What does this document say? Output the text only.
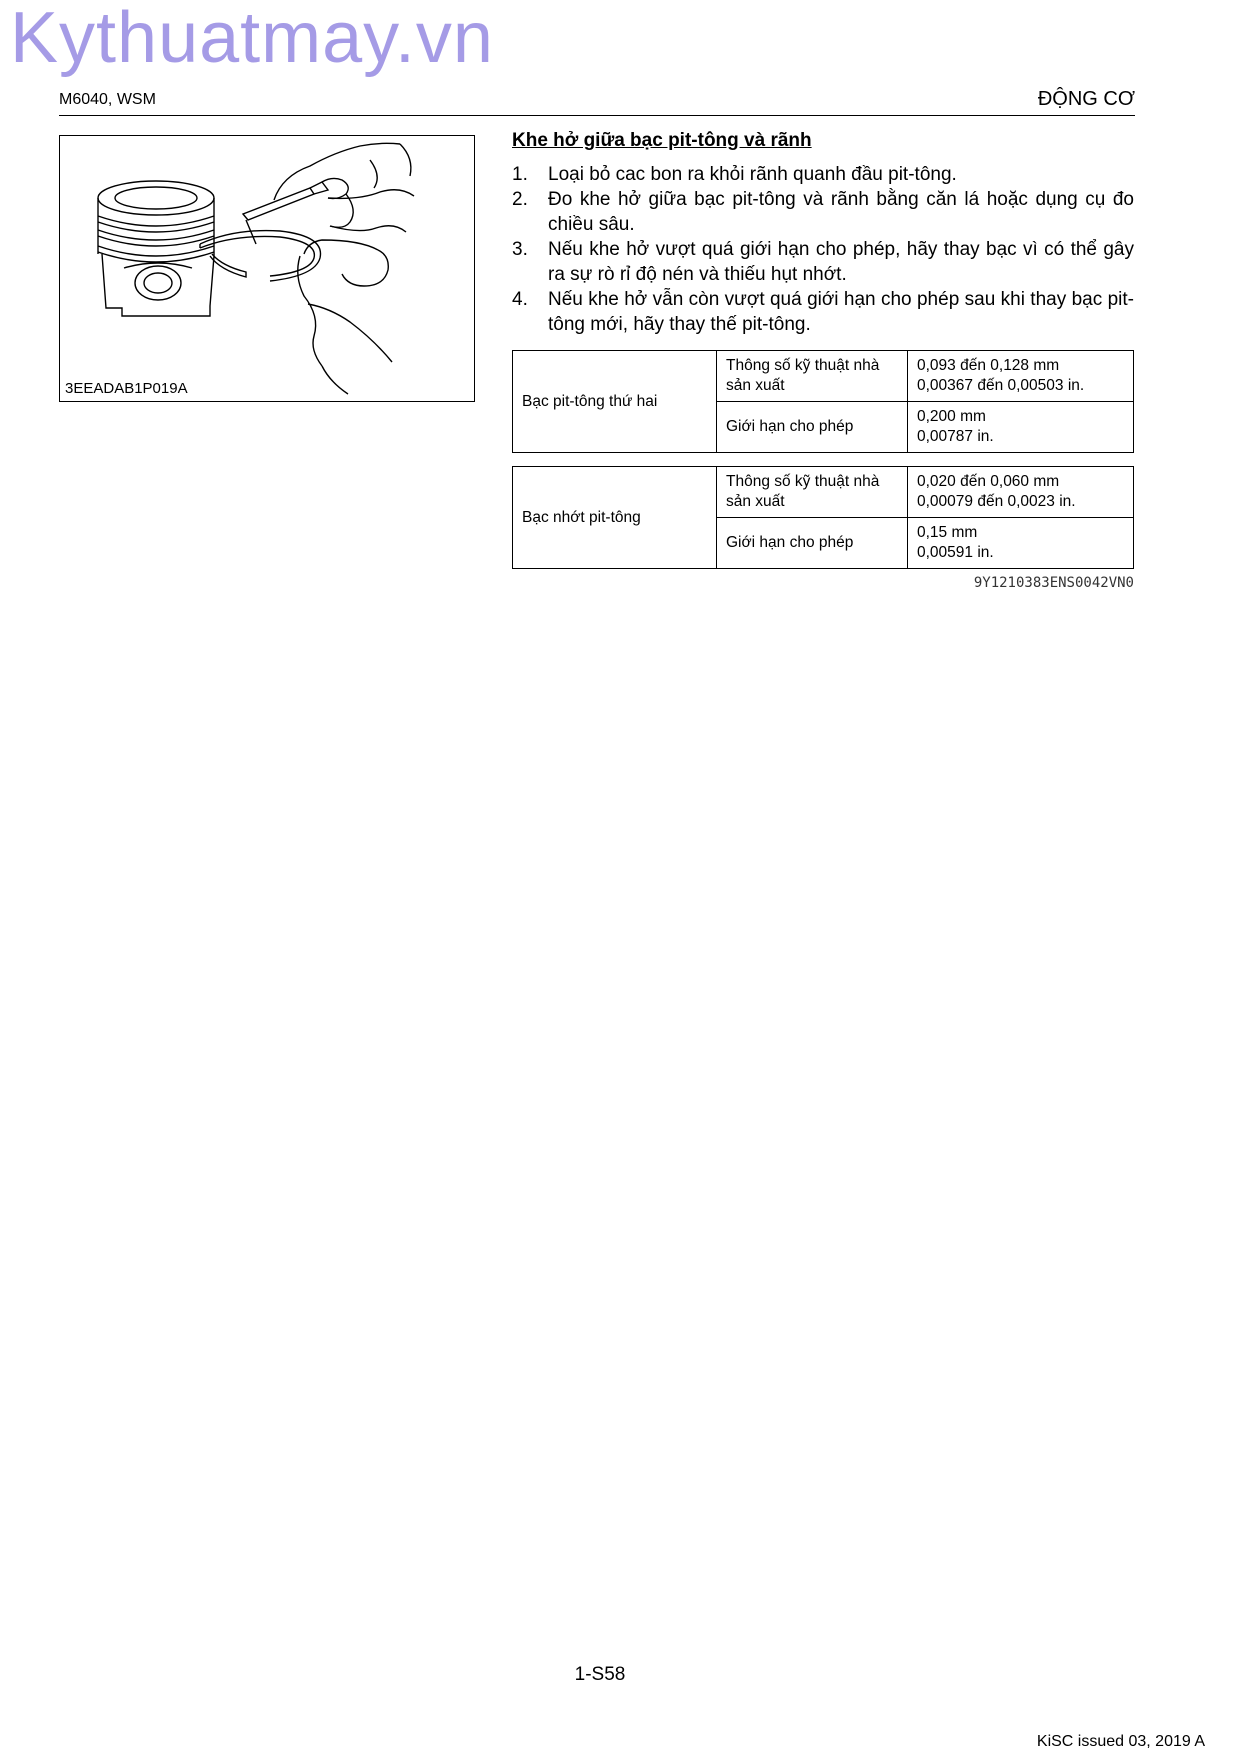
Kythuatmay.vn
M6040, WSM	ĐỘNG CƠ
3EEADAB1P019A
Khe hở giữa bạc pit-tông và rãnh
1. Loại bỏ cac bon ra khỏi rãnh quanh đầu pit-tông.
2. Đo khe hở giữa bạc pit-tông và rãnh bằng căn lá hoặc dụng cụ đo chiều sâu.
3. Nếu khe hở vượt quá giới hạn cho phép, hãy thay bạc vì có thể gây ra sự rò rỉ độ nén và thiếu hụt nhớt.
4. Nếu khe hở vẫn còn vượt quá giới hạn cho phép sau khi thay bạc pit-tông mới, hãy thay thế pit-tông.
Bạc pit-tông thứ hai	Thông số kỹ thuật nhà sản xuất	0,093 đến 0,128 mm
0,00367 đến 0,00503 in.

	Giới hạn cho phép	0,200 mm
0,00787 in.
Bạc nhớt pit-tông	Thông số kỹ thuật nhà sản xuất	0,020 đến 0,060 mm
0,00079 đến 0,0023 in.

	Giới hạn cho phép	0,15 mm
0,00591 in.
9Y1210383ENS0042VN0
1-S58
KiSC issued 03, 2019 A
